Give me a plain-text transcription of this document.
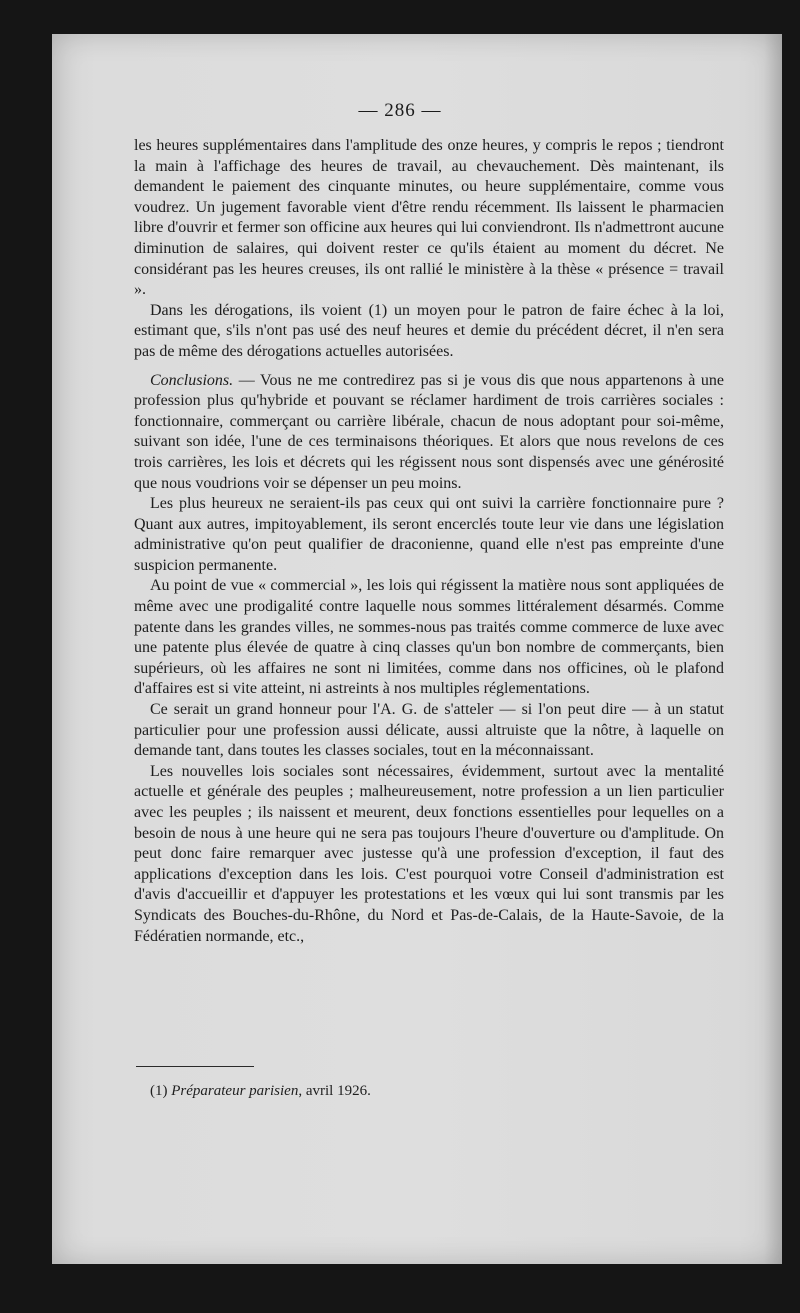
— 286 —

les heures supplémentaires dans l'amplitude des onze heures, y compris le repos ; tiendront la main à l'affichage des heures de travail, au chevauchement. Dès maintenant, ils demandent le paiement des cinquante minutes, ou heure supplémentaire, comme vous voudrez. Un jugement favorable vient d'être rendu récemment. Ils laissent le pharmacien libre d'ouvrir et fermer son officine aux heures qui lui conviendront. Ils n'admettront aucune diminution de salaires, qui doivent rester ce qu'ils étaient au moment du décret. Ne considérant pas les heures creuses, ils ont rallié le ministère à la thèse « présence = travail ».

Dans les dérogations, ils voient (1) un moyen pour le patron de faire échec à la loi, estimant que, s'ils n'ont pas usé des neuf heures et demie du précédent décret, il n'en sera pas de même des dérogations actuelles autorisées.

Conclusions. — Vous ne me contredirez pas si je vous dis que nous appartenons à une profession plus qu'hybride et pouvant se réclamer hardiment de trois carrières sociales : fonctionnaire, commerçant ou carrière libérale, chacun de nous adoptant pour soi-même, suivant son idée, l'une de ces terminaisons théoriques. Et alors que nous revelons de ces trois carrières, les lois et décrets qui les régissent nous sont dispensés avec une générosité que nous voudrions voir se dépenser un peu moins.

Les plus heureux ne seraient-ils pas ceux qui ont suivi la carrière fonctionnaire pure ? Quant aux autres, impitoyablement, ils seront encerclés toute leur vie dans une législation administrative qu'on peut qualifier de draconienne, quand elle n'est pas empreinte d'une suspicion permanente.

Au point de vue « commercial », les lois qui régissent la matière nous sont appliquées de même avec une prodigalité contre laquelle nous sommes littéralement désarmés. Comme patente dans les grandes villes, ne sommes-nous pas traités comme commerce de luxe avec une patente plus élevée de quatre à cinq classes qu'un bon nombre de commerçants, bien supérieurs, où les affaires ne sont ni limitées, comme dans nos officines, où le plafond d'affaires est si vite atteint, ni astreints à nos multiples réglementations.

Ce serait un grand honneur pour l'A. G. de s'atteler — si l'on peut dire — à un statut particulier pour une profession aussi délicate, aussi altruiste que la nôtre, à laquelle on demande tant, dans toutes les classes sociales, tout en la méconnaissant.

Les nouvelles lois sociales sont nécessaires, évidemment, surtout avec la mentalité actuelle et générale des peuples ; malheureusement, notre profession a un lien particulier avec les peuples ; ils naissent et meurent, deux fonctions essentielles pour lequelles on a besoin de nous à une heure qui ne sera pas toujours l'heure d'ouverture ou d'amplitude. On peut donc faire remarquer avec justesse qu'à une profession d'exception, il faut des applications d'exception dans les lois. C'est pourquoi votre Conseil d'administration est d'avis d'accueillir et d'appuyer les protestations et les vœux qui lui sont transmis par les Syndicats des Bouches-du-Rhône, du Nord et Pas-de-Calais, de la Haute-Savoie, de la Fédératien normande, etc.,

(1) Préparateur parisien, avril 1926.
